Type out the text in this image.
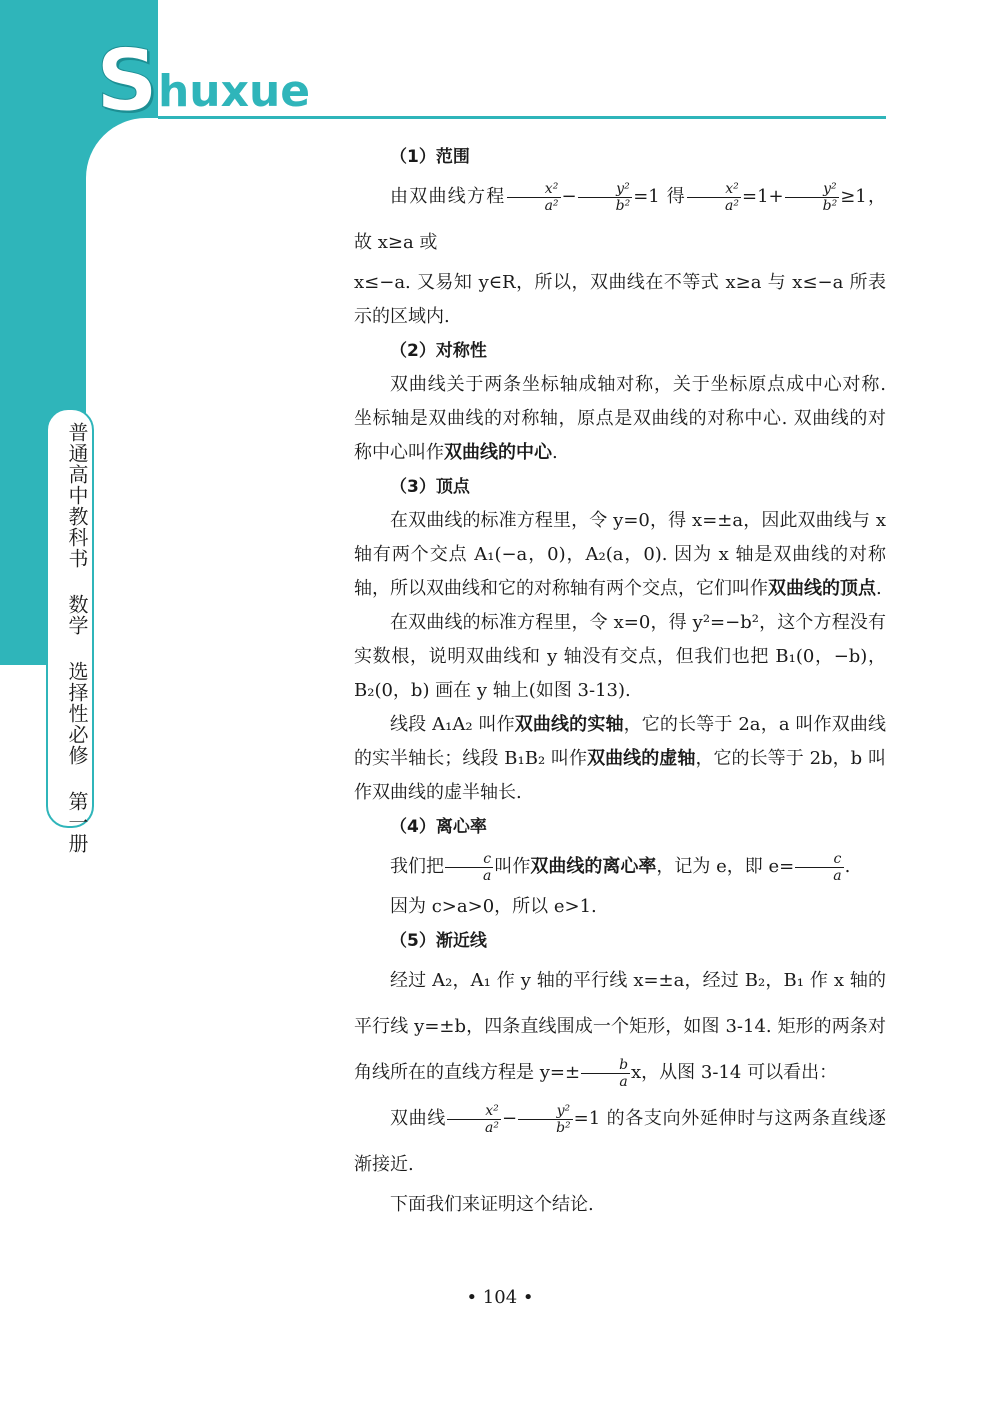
Shuxue
普通高中教科书 数学 选择性必修 第一册

（1）范围

由双曲线方程 $\frac{\text{x²}}{\text{a²}} - \frac{\text{y²}}{\text{b²}} =1$ 得 $\frac{\text{x²}}{\text{a²}} =1+ \frac{\text{y²}}{\text{b²}} \ge 1$，故 x≥a 或

x≤−a. 又易知 y∈R，所以，双曲线在不等式 x≥a 与 x≤−a 所表示的区域内.

（2）对称性

双曲线关于两条坐标轴成轴对称，关于坐标原点成中心对称. 坐标轴是双曲线的对称轴，原点是双曲线的对称中心. 双曲线的对称中心叫作双曲线的中心.

（3）顶点

在双曲线的标准方程里，令 y=0，得 x=±a，因此双曲线与 x 轴有两个交点 A₁(−a，0)，A₂(a，0). 因为 x 轴是双曲线的对称轴，所以双曲线和它的对称轴有两个交点，它们叫作双曲线的顶点.

在双曲线的标准方程里，令 x=0，得 y²=−b²，这个方程没有实数根，说明双曲线和 y 轴没有交点，但我们也把 B₁(0，−b)，B₂(0，b) 画在 y 轴上(如图 3-13).

线段 A₁A₂ 叫作双曲线的实轴，它的长等于 2a，a 叫作双曲线的实半轴长；线段 B₁B₂ 叫作双曲线的虚轴，它的长等于 2b，b 叫作双曲线的虚半轴长.

（4）离心率

我们把 $\frac{c}{a}$ 叫作双曲线的离心率，记为 e，即 $e= \frac{c}{a}$ .

因为 c>a>0，所以 e>1.

（5）渐近线

经过 A₂，A₁ 作 y 轴的平行线 x=±a，经过 B₂，B₁ 作 x 轴的平行线 y=±b，四条直线围成一个矩形，如图 3-14. 矩形的两条对角线所在的直线方程是 $y=\pm \frac{b}{a}$ x，从图 3-14 可以看出：

双曲线 $\frac{\text{x²}}{\text{a²}} - \frac{\text{y²}}{\text{b²}} =1$ 的各支向外延伸时与这两条直线逐渐接近.

下面我们来证明这个结论.

• 104 •
